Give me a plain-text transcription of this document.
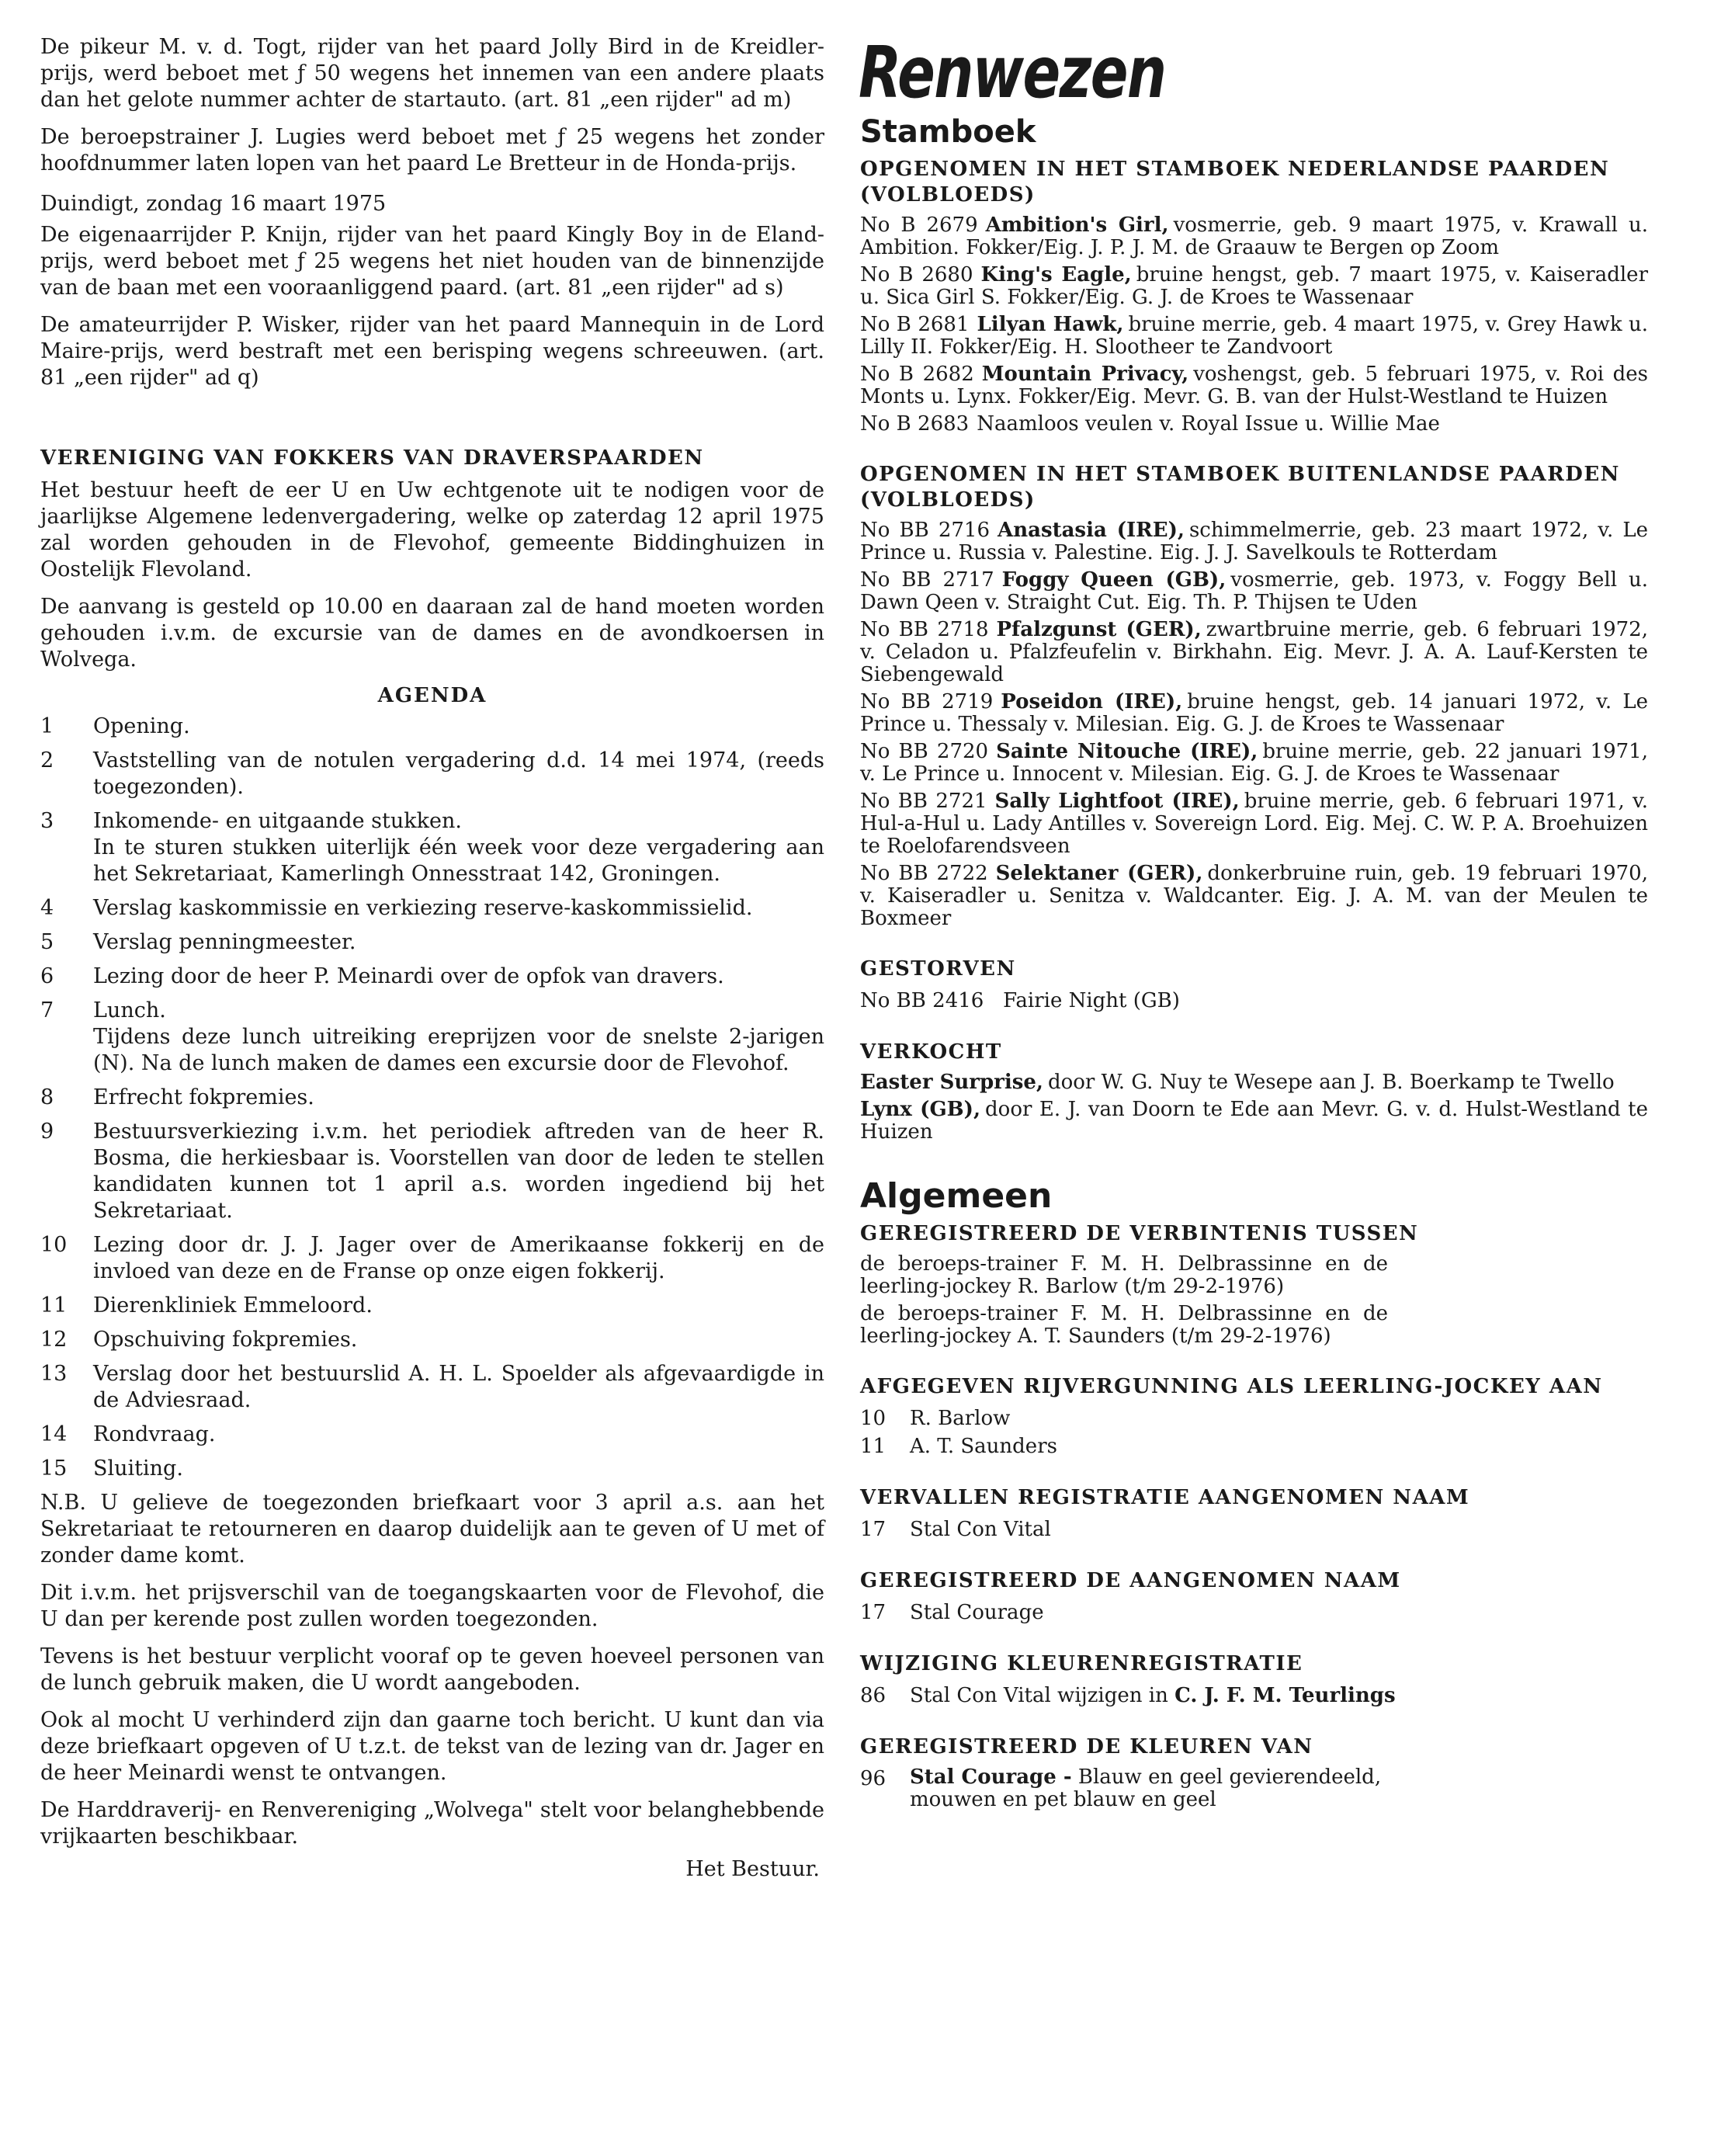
De pikeur M. v. d. Togt, rijder van het paard Jolly Bird in de Kreidler-prijs, werd beboet met ƒ 50 wegens het innemen van een andere plaats dan het gelote nummer achter de startauto. (art. 81 „een rijder" ad m)

De beroepstrainer J. Lugies werd beboet met ƒ 25 wegens het zonder hoofdnummer laten lopen van het paard Le Bretteur in de Honda-prijs.

Duindigt, zondag 16 maart 1975

De eigenaarrijder P. Knijn, rijder van het paard Kingly Boy in de Eland-prijs, werd beboet met ƒ 25 wegens het niet houden van de binnenzijde van de baan met een vooraanliggend paard. (art. 81 „een rijder" ad s)

De amateurrijder P. Wisker, rijder van het paard Mannequin in de Lord Maire-prijs, werd bestraft met een berisping wegens schreeuwen. (art. 81 „een rijder" ad q)

VERENIGING VAN FOKKERS VAN DRAVERSPAARDEN

Het bestuur heeft de eer U en Uw echtgenote uit te nodigen voor de jaarlijkse Algemene ledenvergadering, welke op zaterdag 12 april 1975 zal worden gehouden in de Flevohof, gemeente Biddinghuizen in Oostelijk Flevoland.

De aanvang is gesteld op 10.00 en daaraan zal de hand moeten worden gehouden i.v.m. de excursie van de dames en de avondkoersen in Wolvega.

AGENDA
1	Opening.
2	Vaststelling van de notulen vergadering d.d. 14 mei 1974, (reeds toegezonden).
3	Inkomende- en uitgaande stukken.
In te sturen stukken uiterlijk één week voor deze vergadering aan het Sekretariaat, Kamerlingh Onnesstraat 142, Groningen.
4	Verslag kaskommissie en verkiezing reserve-kaskommissielid.
5	Verslag penningmeester.
6	Lezing door de heer P. Meinardi over de opfok van dravers.
7	Lunch.
Tijdens deze lunch uitreiking ereprijzen voor de snelste 2-jarigen (N). Na de lunch maken de dames een excursie door de Flevohof.
8	Erfrecht fokpremies.
9	Bestuursverkiezing i.v.m. het periodiek aftreden van de heer R. Bosma, die herkiesbaar is. Voorstellen van door de leden te stellen kandidaten kunnen tot 1 april a.s. worden ingediend bij het Sekretariaat.
10	Lezing door dr. J. J. Jager over de Amerikaanse fokkerij en de invloed van deze en de Franse op onze eigen fokkerij.
11	Dierenkliniek Emmeloord.
12	Opschuiving fokpremies.
13	Verslag door het bestuurslid A. H. L. Spoelder als afgevaardigde in de Adviesraad.
14	Rondvraag.
15	Sluiting.

N.B. U gelieve de toegezonden briefkaart voor 3 april a.s. aan het Sekretariaat te retourneren en daarop duidelijk aan te geven of U met of zonder dame komt.

Dit i.v.m. het prijsverschil van de toegangskaarten voor de Flevohof, die U dan per kerende post zullen worden toegezonden.

Tevens is het bestuur verplicht vooraf op te geven hoeveel personen van de lunch gebruik maken, die U wordt aangeboden.

Ook al mocht U verhinderd zijn dan gaarne toch bericht. U kunt dan via deze briefkaart opgeven of U t.z.t. de tekst van de lezing van dr. Jager en de heer Meinardi wenst te ontvangen.

De Harddraverij- en Renvereniging „Wolvega" stelt voor belanghebbende vrijkaarten beschikbaar.

Het Bestuur.

Renwezen
Stamboek
OPGENOMEN IN HET STAMBOEK NEDERLANDSE PAARDEN (VOLBLOEDS)
No B 2679 Ambition's Girl, vosmerrie, geb. 9 maart 1975, v. Krawall u. Ambition. Fokker/Eig. J. P. J. M. de Graauw te Bergen op Zoom
No B 2680 King's Eagle, bruine hengst, geb. 7 maart 1975, v. Kaiseradler u. Sica Girl S. Fokker/Eig. G. J. de Kroes te Wassenaar
No B 2681 Lilyan Hawk, bruine merrie, geb. 4 maart 1975, v. Grey Hawk u. Lilly II. Fokker/Eig. H. Slootheer te Zandvoort
No B 2682 Mountain Privacy, voshengst, geb. 5 februari 1975, v. Roi des Monts u. Lynx. Fokker/Eig. Mevr. G. B. van der Hulst-Westland te Huizen
No B 2683 Naamloos veulen v. Royal Issue u. Willie Mae
OPGENOMEN IN HET STAMBOEK BUITENLANDSE PAARDEN (VOLBLOEDS)
No BB 2716 Anastasia (IRE), schimmelmerrie, geb. 23 maart 1972, v. Le Prince u. Russia v. Palestine. Eig. J. J. Savelkouls te Rotterdam
No BB 2717 Foggy Queen (GB), vosmerrie, geb. 1973, v. Foggy Bell u. Dawn Qeen v. Straight Cut. Eig. Th. P. Thijsen te Uden
No BB 2718 Pfalzgunst (GER), zwartbruine merrie, geb. 6 februari 1972, v. Celadon u. Pfalzfeufelin v. Birkhahn. Eig. Mevr. J. A. A. Lauf-Kersten te Siebengewald
No BB 2719 Poseidon (IRE), bruine hengst, geb. 14 januari 1972, v. Le Prince u. Thessaly v. Milesian. Eig. G. J. de Kroes te Wassenaar
No BB 2720 Sainte Nitouche (IRE), bruine merrie, geb. 22 januari 1971, v. Le Prince u. Innocent v. Milesian. Eig. G. J. de Kroes te Wassenaar
No BB 2721 Sally Lightfoot (IRE), bruine merrie, geb. 6 februari 1971, v. Hul-a-Hul u. Lady Antilles v. Sovereign Lord. Eig. Mej. C. W. P. A. Broehuizen te Roelofarendsveen
No BB 2722 Selektaner (GER), donkerbruine ruin, geb. 19 februari 1970, v. Kaiseradler u. Senitza v. Waldcanter. Eig. J. A. M. van der Meulen te Boxmeer
GESTORVEN
No BB 2416   Fairie Night (GB)
VERKOCHT
Easter Surprise, door W. G. Nuy te Wesepe aan J. B. Boerkamp te Twello
Lynx (GB), door E. J. van Doorn te Ede aan Mevr. G. v. d. Hulst-Westland te Huizen
Algemeen
GEREGISTREERD DE VERBINTENIS TUSSEN
de beroeps-trainer F. M. H. Delbrassinne en de leerling-jockey R. Barlow (t/m 29-2-1976)
de beroeps-trainer F. M. H. Delbrassinne en de leerling-jockey A. T. Saunders (t/m 29-2-1976)
AFGEGEVEN RIJVERGUNNING ALS LEERLING-JOCKEY AAN
10 R. Barlow
11 A. T. Saunders
VERVALLEN REGISTRATIE AANGENOMEN NAAM
17 Stal Con Vital
GEREGISTREERD DE AANGENOMEN NAAM
17 Stal Courage
WIJZIGING KLEURENREGISTRATIE
86 Stal Con Vital wijzigen in C. J. F. M. Teurlings
GEREGISTREERD DE KLEUREN VAN
96	Stal Courage - Blauw en geel gevierendeeld, mouwen en pet blauw en geel
